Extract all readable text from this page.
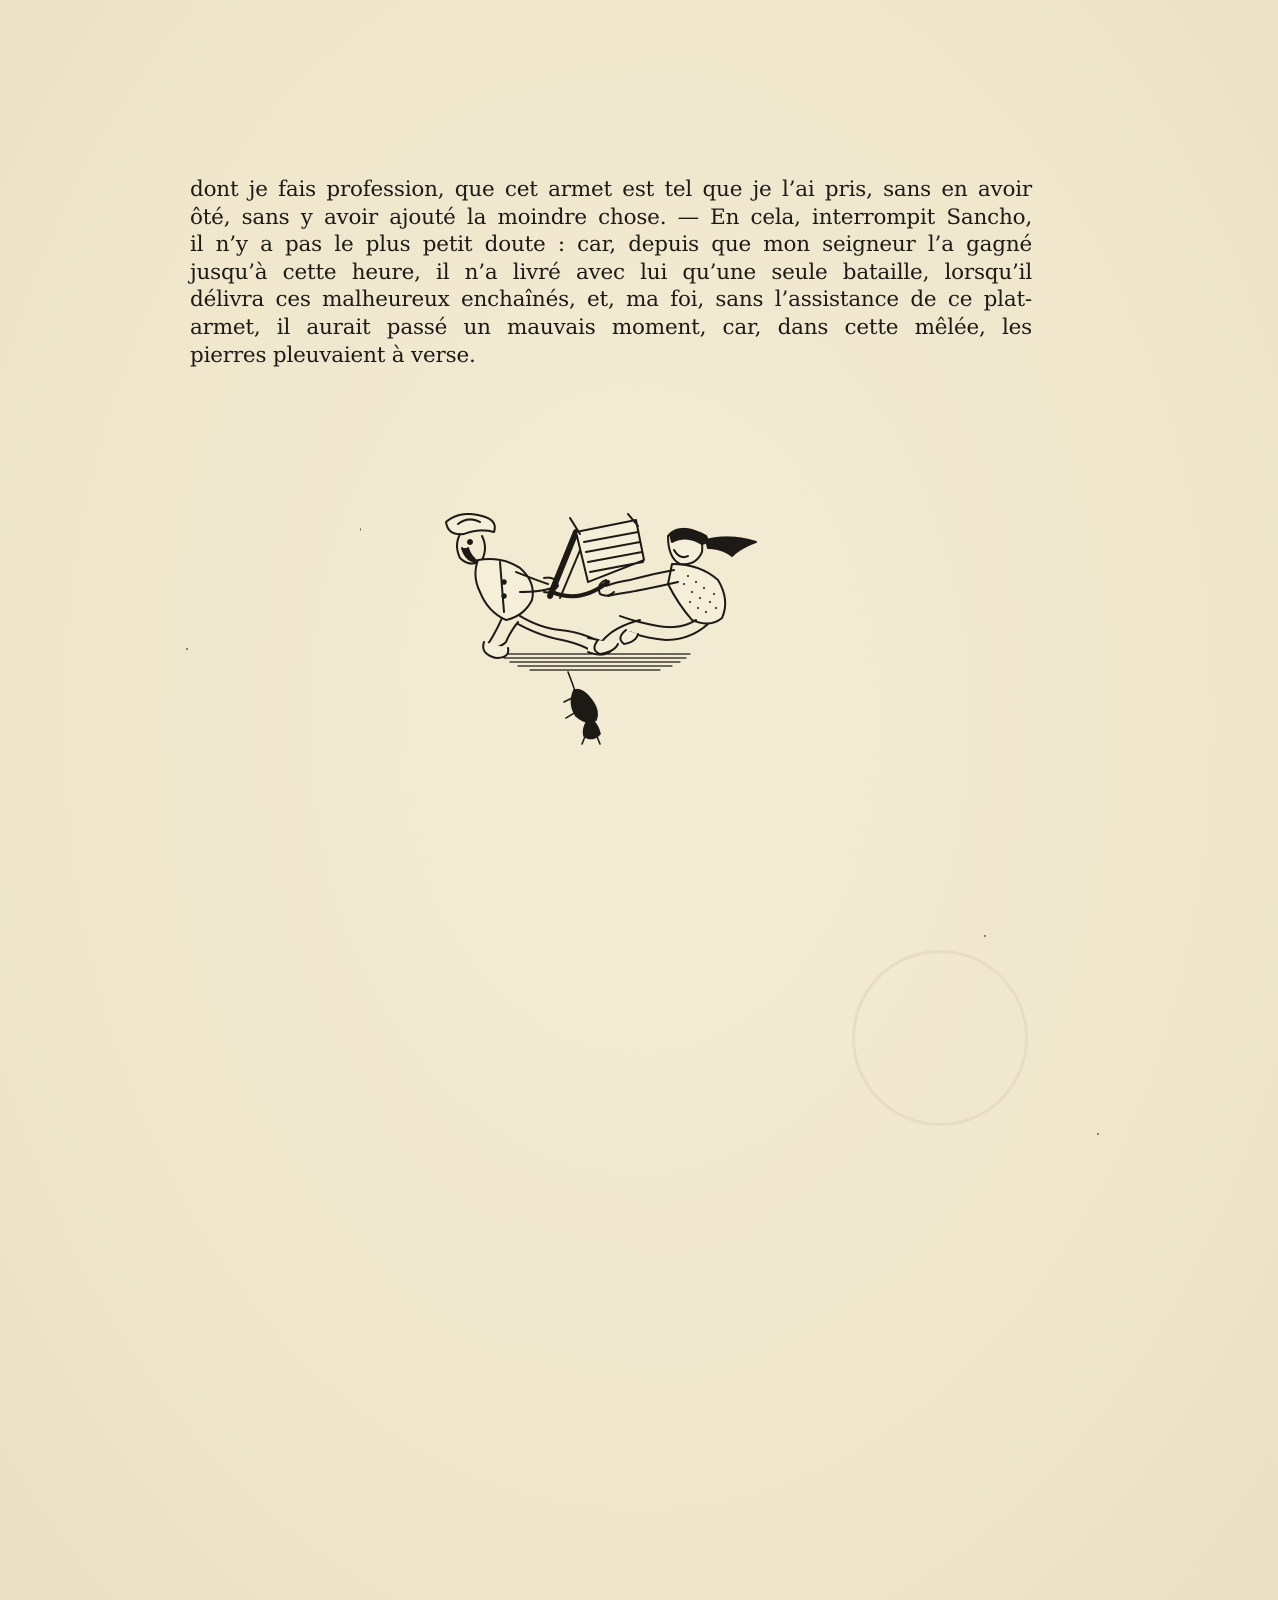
dont je fais profession, que cet armet est tel que je l’ai pris, sans en avoir
ôté, sans y avoir ajouté la moindre chose. — En cela, interrompit Sancho,
il n’y a pas le plus petit doute : car, depuis que mon seigneur l’a gagné
jusqu’à cette heure, il n’a livré avec lui qu’une seule bataille, lorsqu’il
délivra ces malheureux enchaînés, et, ma foi, sans l’assistance de ce plat-
armet, il aurait passé un mauvais moment, car, dans cette mêlée, les
pierres pleuvaient à verse.
